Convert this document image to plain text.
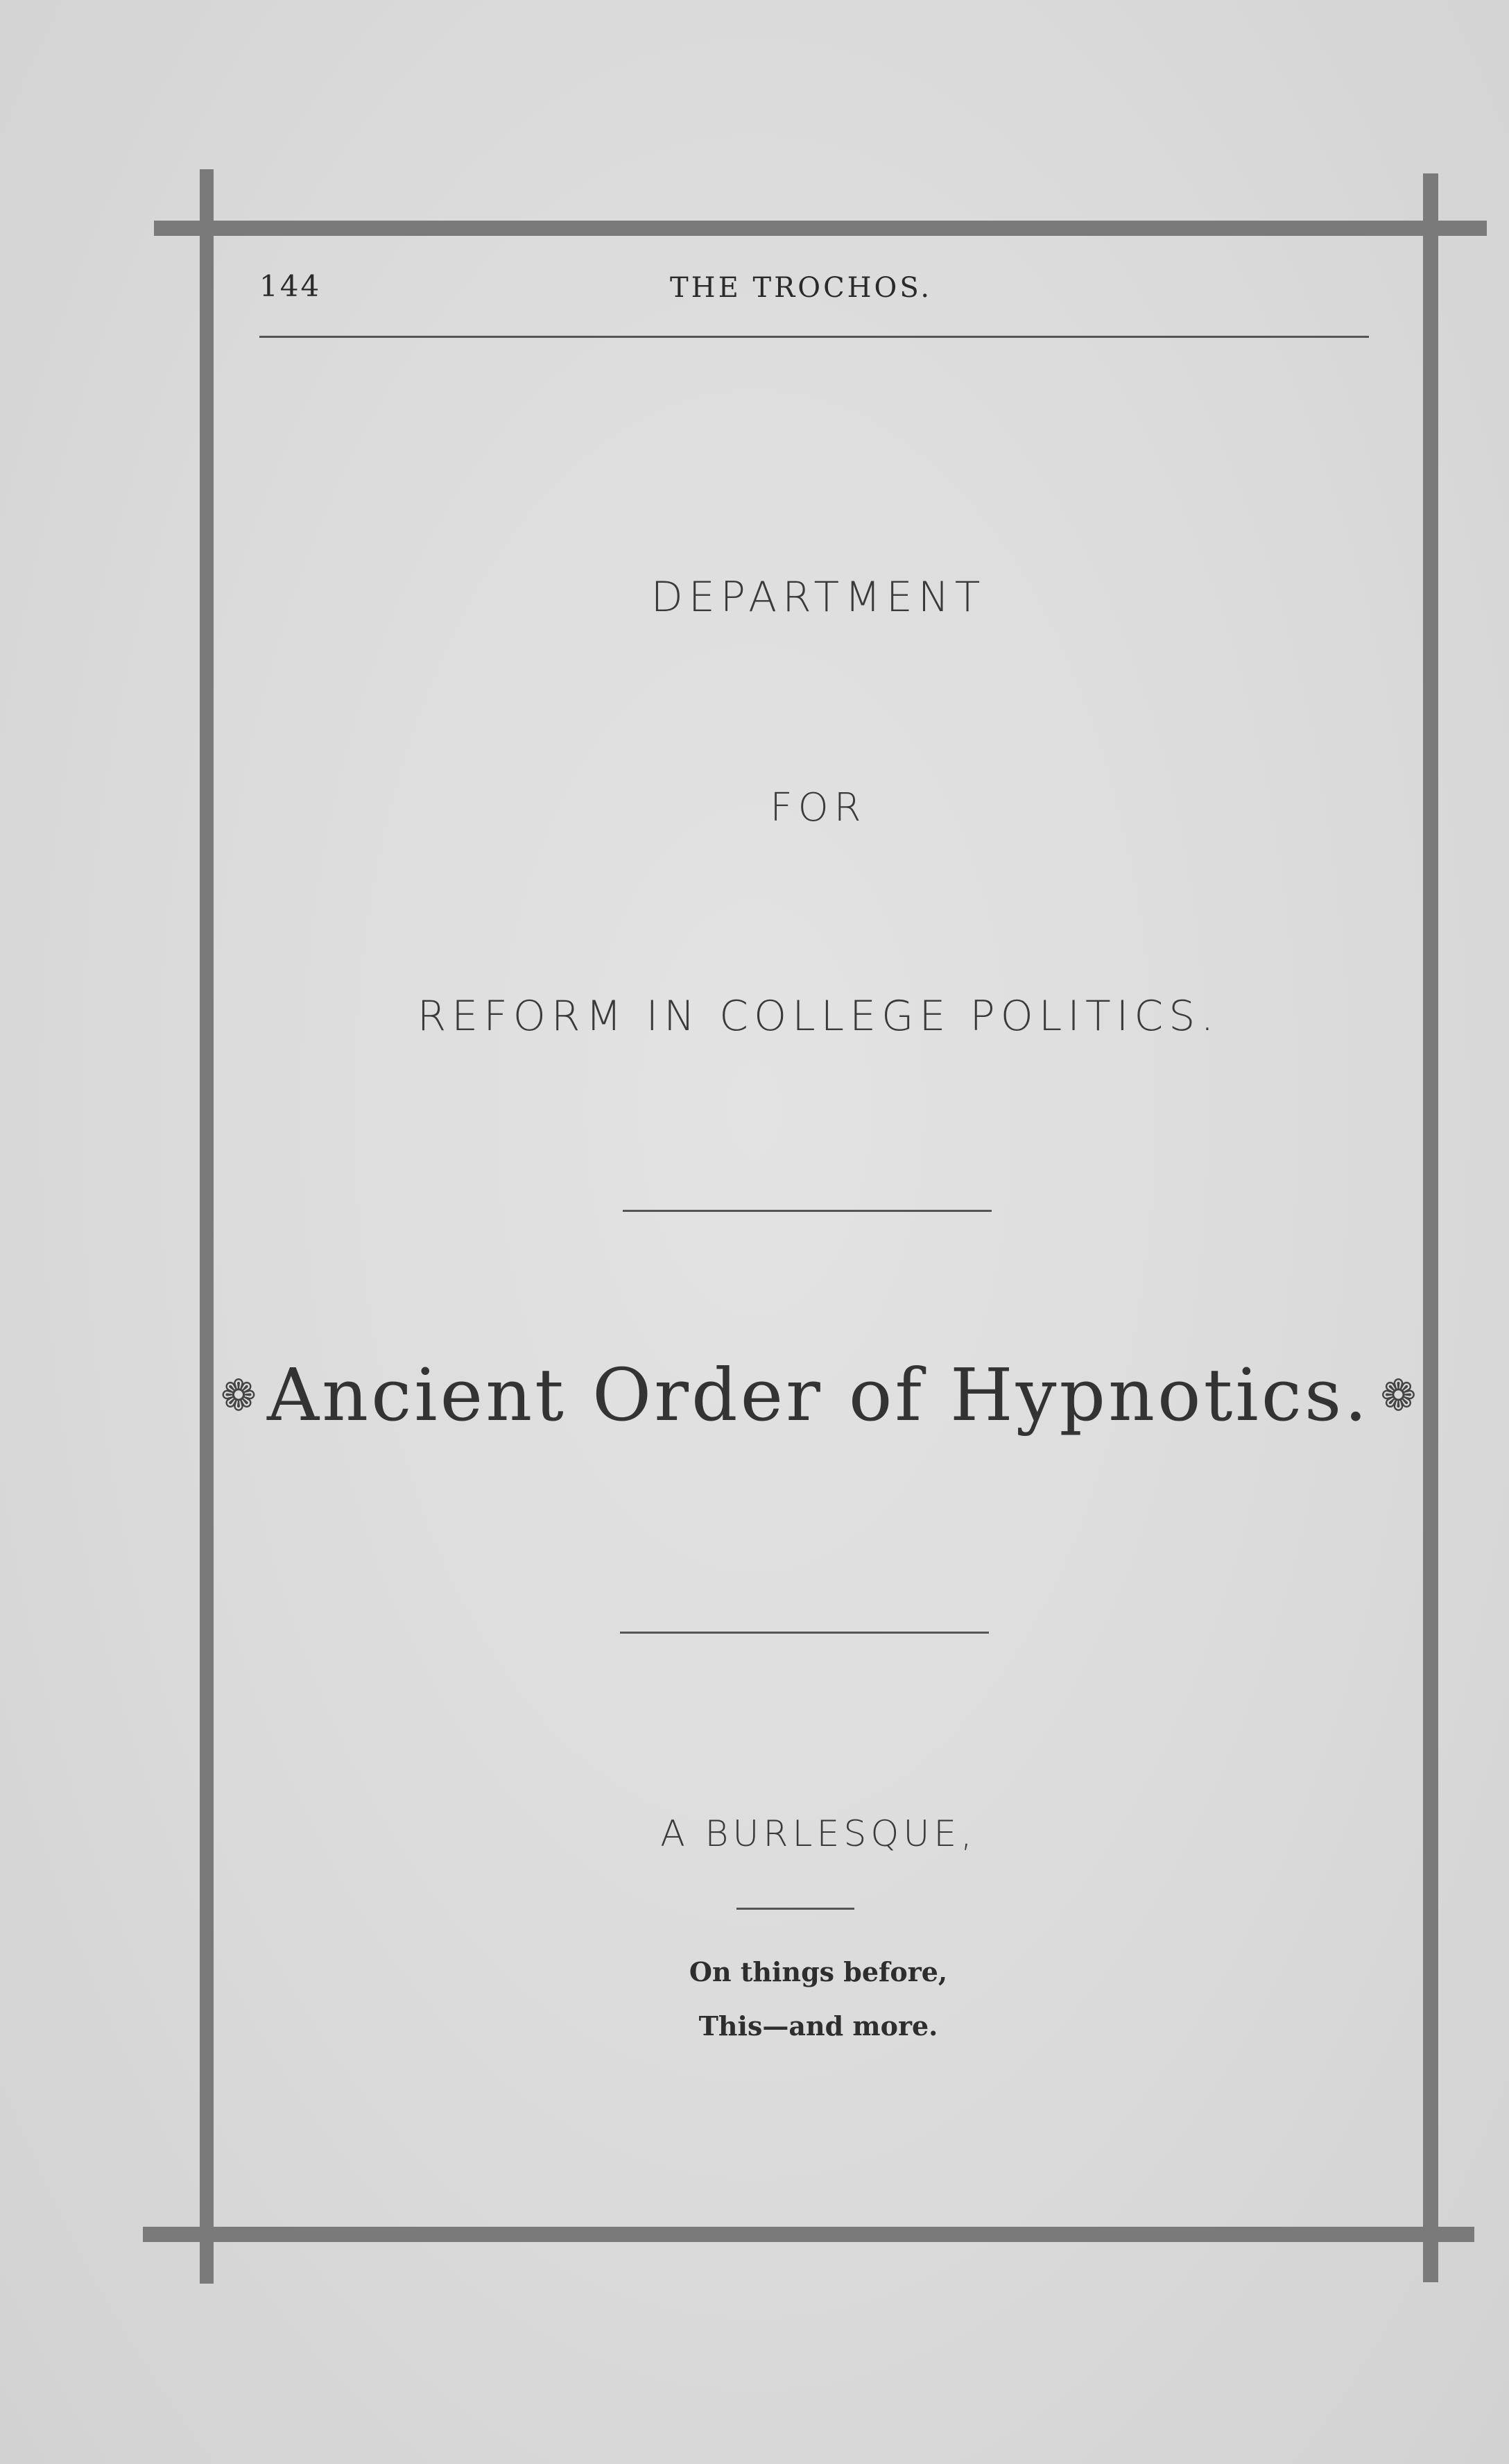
144	THE TROCHOS.
DEPARTMENT
FOR
REFORM IN COLLEGE POLITICS.
❁ Ancient Order of Hypnotics. ❁
A BURLESQUE,
On things before,
This—and more.
